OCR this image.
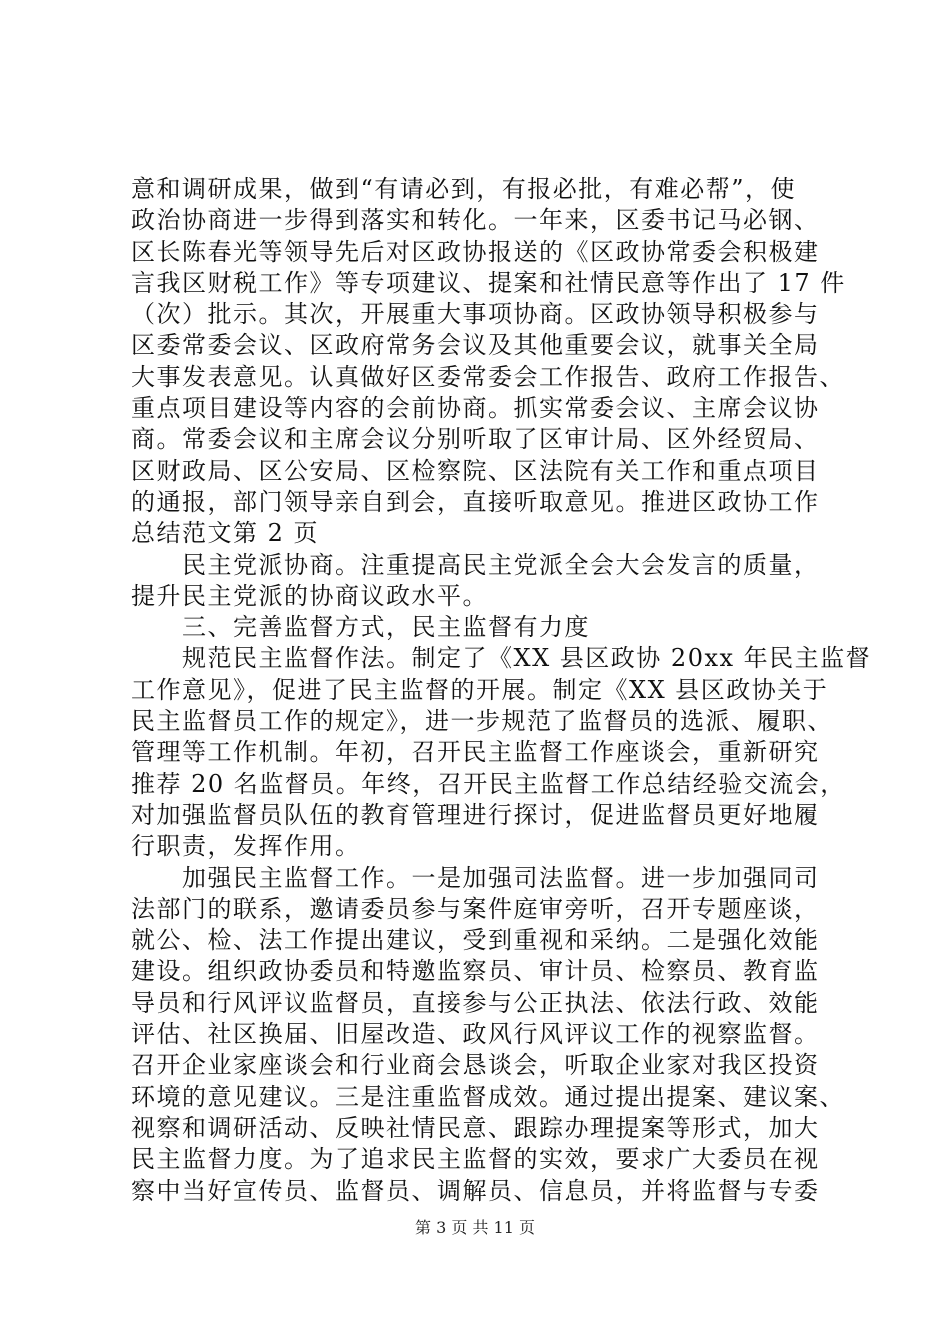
意和调研成果，做到“有请必到，有报必批，有难必帮”，使
政治协商进一步得到落实和转化。一年来，区委书记马必钢、
区长陈春光等领导先后对区政协报送的《区政协常委会积极建
言我区财税工作》等专项建议、提案和社情民意等作出了 17 件
（次）批示。其次，开展重大事项协商。区政协领导积极参与
区委常委会议、区政府常务会议及其他重要会议，就事关全局
大事发表意见。认真做好区委常委会工作报告、政府工作报告、
重点项目建设等内容的会前协商。抓实常委会议、主席会议协
商。常委会议和主席会议分别听取了区审计局、区外经贸局、
区财政局、区公安局、区检察院、区法院有关工作和重点项目
的通报，部门领导亲自到会，直接听取意见。推进区政协工作
总结范文第 2 页
　　民主党派协商。注重提高民主党派全会大会发言的质量，
提升民主党派的协商议政水平。
　　三、完善监督方式，民主监督有力度
　　规范民主监督作法。制定了《XX 县区政协 20xx 年民主监督
工作意见》，促进了民主监督的开展。制定《XX 县区政协关于
民主监督员工作的规定》，进一步规范了监督员的选派、履职、
管理等工作机制。年初，召开民主监督工作座谈会，重新研究
推荐 20 名监督员。年终，召开民主监督工作总结经验交流会，
对加强监督员队伍的教育管理进行探讨，促进监督员更好地履
行职责，发挥作用。
　　加强民主监督工作。一是加强司法监督。进一步加强同司
法部门的联系，邀请委员参与案件庭审旁听，召开专题座谈，
就公、检、法工作提出建议，受到重视和采纳。二是强化效能
建设。组织政协委员和特邀监察员、审计员、检察员、教育监
导员和行风评议监督员，直接参与公正执法、依法行政、效能
评估、社区换届、旧屋改造、政风行风评议工作的视察监督。
召开企业家座谈会和行业商会恳谈会，听取企业家对我区投资
环境的意见建议。三是注重监督成效。通过提出提案、建议案、
视察和调研活动、反映社情民意、跟踪办理提案等形式，加大
民主监督力度。为了追求民主监督的实效，要求广大委员在视
察中当好宣传员、监督员、调解员、信息员，并将监督与专委
第 3 页 共 11 页
